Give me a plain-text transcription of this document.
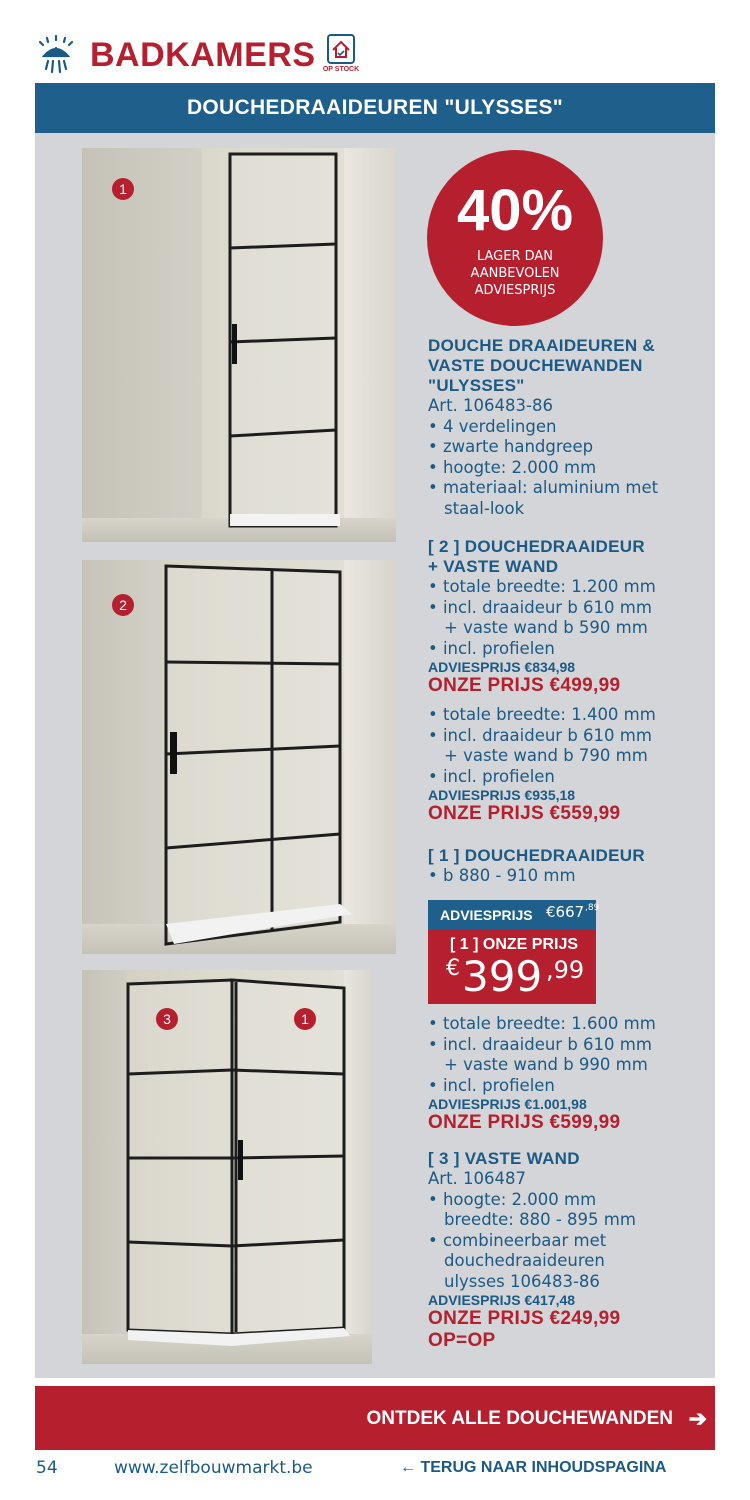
BADKAMERS	OP STOCK
DOUCHEDRAAIDEUREN "ULYSSES"
1
2
3	1
40%
LAGER DAN
AANBEVOLEN
ADVIESPRIJS
DOUCHE DRAAIDEUREN &
VASTE DOUCHEWANDEN
"ULYSSES"
Art. 106483-86
• 4 verdelingen
• zwarte handgreep
• hoogte: 2.000 mm
• materiaal: aluminium met
staal-look
[ 2 ] DOUCHEDRAAIDEUR
+ VASTE WAND
• totale breedte: 1.200 mm
• incl. draaideur b 610 mm
+ vaste wand b 590 mm
• incl. profielen
ADVIESPRIJS €834,98
ONZE PRIJS €499,99
• totale breedte: 1.400 mm
• incl. draaideur b 610 mm
+ vaste wand b 790 mm
• incl. profielen
ADVIESPRIJS €935,18
ONZE PRIJS €559,99
[ 1 ] DOUCHEDRAAIDEUR
• b 880 - 910 mm
ADVIESPRIJS €667 ,89
[ 1 ] ONZE PRIJS
€ 399 ,99
• totale breedte: 1.600 mm
• incl. draaideur b 610 mm
+ vaste wand b 990 mm
• incl. profielen
ADVIESPRIJS €1.001,98
ONZE PRIJS €599,99
[ 3 ] VASTE WAND
Art. 106487
• hoogte: 2.000 mm
breedte: 880 - 895 mm
• combineerbaar met
douchedraaideuren
ulysses 106483-86
ADVIESPRIJS €417,48
ONZE PRIJS €249,99
OP=OP
ONTDEK ALLE DOUCHEWANDEN ➔
54	www.zelfbouwmarkt.be	← TERUG NAAR INHOUDSPAGINA
